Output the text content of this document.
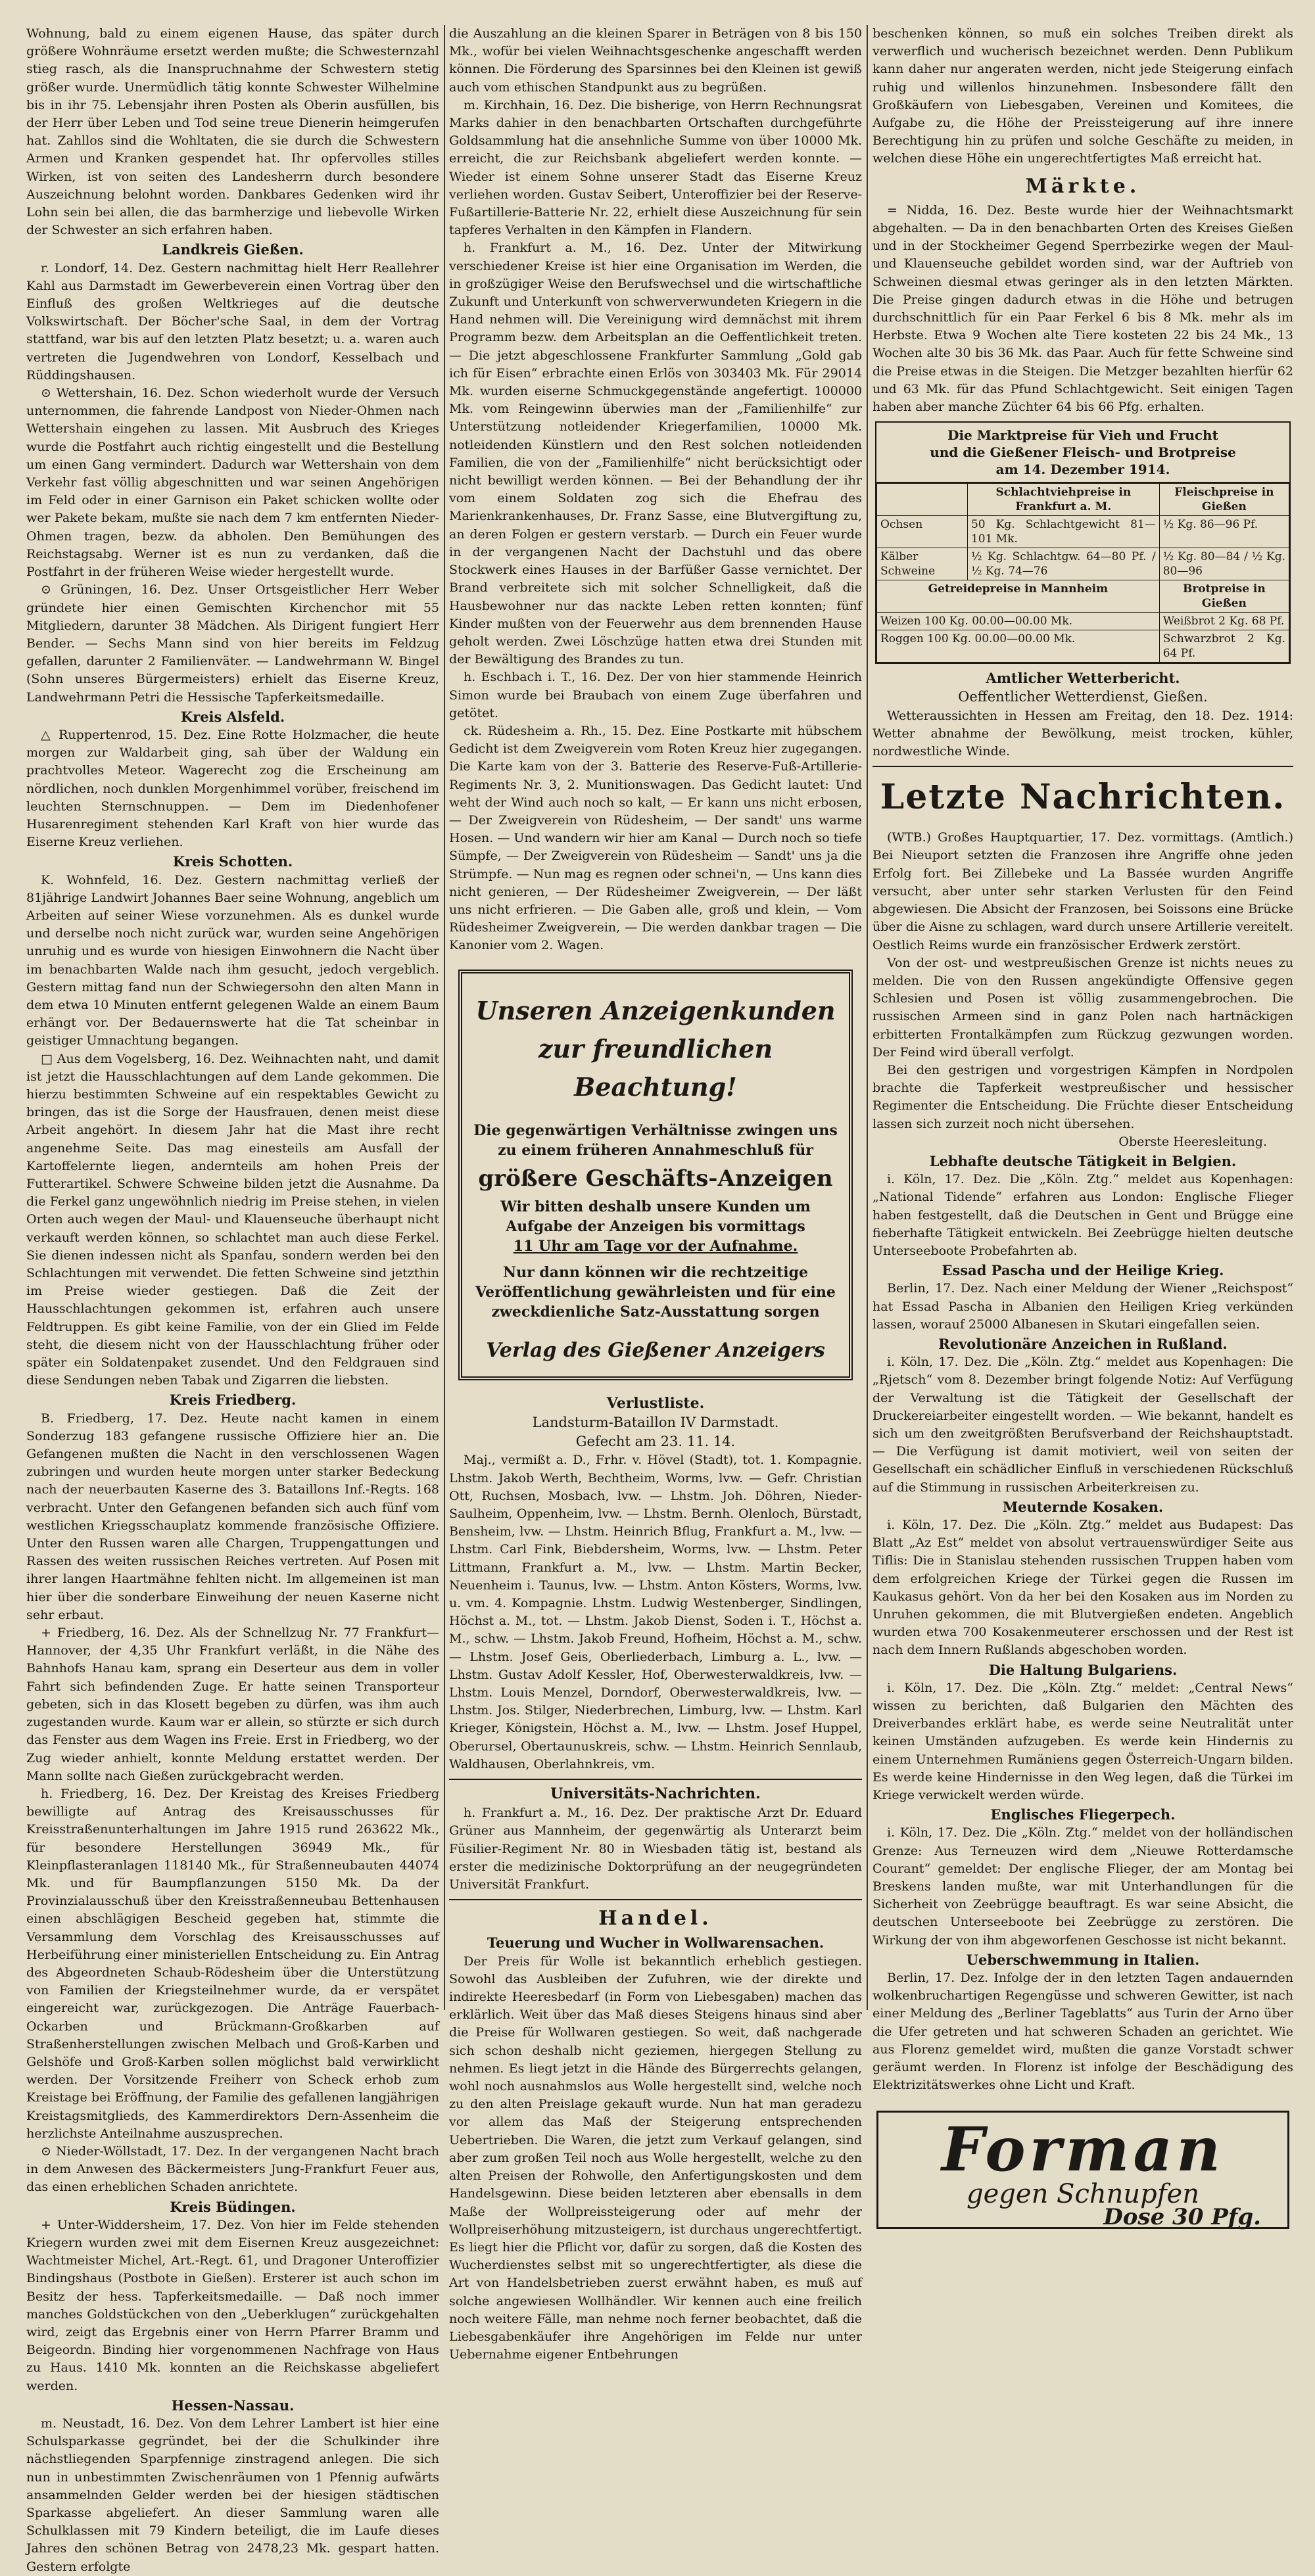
Wohnung, bald zu einem eigenen Hause, das später durch größere Wohnräume ersetzt werden mußte; die Schwesternzahl stieg rasch, als die Inanspruchnahme der Schwestern stetig größer wurde. Unermüdlich tätig konnte Schwester Wilhelmine bis in ihr 75. Lebensjahr ihren Posten als Oberin ausfüllen, bis der Herr über Leben und Tod seine treue Dienerin heimgerufen hat. Zahllos sind die Wohltaten, die sie durch die Schwestern Armen und Kranken gespendet hat. Ihr opfervolles stilles Wirken, ist von seiten des Landesherrn durch besondere Auszeichnung belohnt worden. Dankbares Gedenken wird ihr Lohn sein bei allen, die das barmherzige und liebevolle Wirken der Schwester an sich erfahren haben.

Landkreis Gießen.

r. Londorf, 14. Dez. Gestern nachmittag hielt Herr Reallehrer Kahl aus Darmstadt im Gewerbeverein einen Vortrag über den Einfluß des großen Weltkrieges auf die deutsche Volkswirtschaft. Der Böcher'sche Saal, in dem der Vortrag stattfand, war bis auf den letzten Platz besetzt; u. a. waren auch vertreten die Jugendwehren von Londorf, Kesselbach und Rüddingshausen.

⊙ Wettershain, 16. Dez. Schon wiederholt wurde der Versuch unternommen, die fahrende Landpost von Nieder-Ohmen nach Wettershain eingehen zu lassen. Mit Ausbruch des Krieges wurde die Postfahrt auch richtig eingestellt und die Bestellung um einen Gang vermindert. Dadurch war Wettershain von dem Verkehr fast völlig abgeschnitten und war seinen Angehörigen im Feld oder in einer Garnison ein Paket schicken wollte oder wer Pakete bekam, mußte sie nach dem 7 km entfernten Nieder-Ohmen tragen, bezw. da abholen. Den Bemühungen des Reichstagsabg. Werner ist es nun zu verdanken, daß die Postfahrt in der früheren Weise wieder hergestellt wurde.

⊙ Grüningen, 16. Dez. Unser Ortsgeistlicher Herr Weber gründete hier einen Gemischten Kirchenchor mit 55 Mitgliedern, darunter 38 Mädchen. Als Dirigent fungiert Herr Bender. — Sechs Mann sind von hier bereits im Feldzug gefallen, darunter 2 Familienväter. — Landwehrmann W. Bingel (Sohn unseres Bürgermeisters) erhielt das Eiserne Kreuz, Landwehrmann Petri die Hessische Tapferkeitsmedaille.

Kreis Alsfeld.

△ Ruppertenrod, 15. Dez. Eine Rotte Holzmacher, die heute morgen zur Waldarbeit ging, sah über der Waldung ein prachtvolles Meteor. Wagerecht zog die Erscheinung am nördlichen, noch dunklen Morgenhimmel vorüber, freischend im leuchten Sternschnuppen. — Dem im Diedenhofener Husarenregiment stehenden Karl Kraft von hier wurde das Eiserne Kreuz verliehen.

Kreis Schotten.

K. Wohnfeld, 16. Dez. Gestern nachmittag verließ der 81jährige Landwirt Johannes Baer seine Wohnung, angeblich um Arbeiten auf seiner Wiese vorzunehmen. Als es dunkel wurde und derselbe noch nicht zurück war, wurden seine Angehörigen unruhig und es wurde von hiesigen Einwohnern die Nacht über im benachbarten Walde nach ihm gesucht, jedoch vergeblich. Gestern mittag fand nun der Schwiegersohn den alten Mann in dem etwa 10 Minuten entfernt gelegenen Walde an einem Baum erhängt vor. Der Bedauernswerte hat die Tat scheinbar in geistiger Umnachtung begangen.

□ Aus dem Vogelsberg, 16. Dez. Weihnachten naht, und damit ist jetzt die Hausschlachtungen auf dem Lande gekommen. Die hierzu bestimmten Schweine auf ein respektables Gewicht zu bringen, das ist die Sorge der Hausfrauen, denen meist diese Arbeit angehört. In diesem Jahr hat die Mast ihre recht angenehme Seite. Das mag einesteils am Ausfall der Kartoffelernte liegen, andernteils am hohen Preis der Futterartikel. Schwere Schweine bilden jetzt die Ausnahme. Da die Ferkel ganz ungewöhnlich niedrig im Preise stehen, in vielen Orten auch wegen der Maul- und Klauenseuche überhaupt nicht verkauft werden können, so schlachtet man auch diese Ferkel. Sie dienen indessen nicht als Spanfau, sondern werden bei den Schlachtungen mit verwendet. Die fetten Schweine sind jetzthin im Preise wieder gestiegen. Daß die Zeit der Hausschlachtungen gekommen ist, erfahren auch unsere Feldtruppen. Es gibt keine Familie, von der ein Glied im Felde steht, die diesem nicht von der Hausschlachtung früher oder später ein Soldatenpaket zusendet. Und den Feldgrauen sind diese Sendungen neben Tabak und Zigarren die liebsten.

Kreis Friedberg.

B. Friedberg, 17. Dez. Heute nacht kamen in einem Sonderzug 183 gefangene russische Offiziere hier an. Die Gefangenen mußten die Nacht in den verschlossenen Wagen zubringen und wurden heute morgen unter starker Bedeckung nach der neuerbauten Kaserne des 3. Bataillons Inf.-Regts. 168 verbracht. Unter den Gefangenen befanden sich auch fünf vom westlichen Kriegsschauplatz kommende französische Offiziere. Unter den Russen waren alle Chargen, Truppengattungen und Rassen des weiten russischen Reiches vertreten. Auf Posen mit ihrer langen Haartmähne fehlten nicht. Im allgemeinen ist man hier über die sonderbare Einweihung der neuen Kaserne nicht sehr erbaut.

+ Friedberg, 16. Dez. Als der Schnellzug Nr. 77 Frankfurt—Hannover, der 4,35 Uhr Frankfurt verläßt, in die Nähe des Bahnhofs Hanau kam, sprang ein Deserteur aus dem in voller Fahrt sich befindenden Zuge. Er hatte seinen Transporteur gebeten, sich in das Klosett begeben zu dürfen, was ihm auch zugestanden wurde. Kaum war er allein, so stürzte er sich durch das Fenster aus dem Wagen ins Freie. Erst in Friedberg, wo der Zug wieder anhielt, konnte Meldung erstattet werden. Der Mann sollte nach Gießen zurückgebracht werden.

h. Friedberg, 16. Dez. Der Kreistag des Kreises Friedberg bewilligte auf Antrag des Kreisausschusses für Kreisstraßenunterhaltungen im Jahre 1915 rund 263622 Mk., für besondere Herstellungen 36949 Mk., für Kleinpflasteranlagen 118140 Mk., für Straßenneubauten 44074 Mk. und für Baumpflanzungen 5150 Mk. Da der Provinzialausschuß über den Kreisstraßenneubau Bettenhausen einen abschlägigen Bescheid gegeben hat, stimmte die Versammlung dem Vorschlag des Kreisausschusses auf Herbeiführung einer ministeriellen Entscheidung zu. Ein Antrag des Abgeordneten Schaub-Rödesheim über die Unterstützung von Familien der Kriegsteilnehmer wurde, da er verspätet eingereicht war, zurückgezogen. Die Anträge Fauerbach-Ockarben und Brückmann-Großkarben auf Straßenherstellungen zwischen Melbach und Groß-Karben und Gelshöfe und Groß-Karben sollen möglichst bald verwirklicht werden. Der Vorsitzende Freiherr von Scheck erhob zum Kreistage bei Eröffnung, der Familie des gefallenen langjährigen Kreistagsmitglieds, des Kammerdirektors Dern-Assenheim die herzlichste Anteilnahme auszusprechen.

⊙ Nieder-Wöllstadt, 17. Dez. In der vergangenen Nacht brach in dem Anwesen des Bäckermeisters Jung-Frankfurt Feuer aus, das einen erheblichen Schaden anrichtete.

Kreis Büdingen.

+ Unter-Widdersheim, 17. Dez. Von hier im Felde stehenden Kriegern wurden zwei mit dem Eisernen Kreuz ausgezeichnet: Wachtmeister Michel, Art.-Regt. 61, und Dragoner Unteroffizier Bindingshaus (Postbote in Gießen). Ersterer ist auch schon im Besitz der hess. Tapferkeitsmedaille. — Daß noch immer manches Goldstückchen von den „Ueberklugen“ zurückgehalten wird, zeigt das Ergebnis einer von Herrn Pfarrer Bramm und Beigeordn. Binding hier vorgenommenen Nachfrage von Haus zu Haus. 1410 Mk. konnten an die Reichskasse abgeliefert werden.

Hessen-Nassau.

m. Neustadt, 16. Dez. Von dem Lehrer Lambert ist hier eine Schulsparkasse gegründet, bei der die Schulkinder ihre nächstliegenden Sparpfennige zinstragend anlegen. Die sich nun in unbestimmten Zwischenräumen von 1 Pfennig aufwärts ansammelnden Gelder werden bei der hiesigen städtischen Sparkasse abgeliefert. An dieser Sammlung waren alle Schulklassen mit 79 Kindern beteiligt, die im Laufe dieses Jahres den schönen Betrag von 2478,23 Mk. gespart hatten. Gestern erfolgte

die Auszahlung an die kleinen Sparer in Beträgen von 8 bis 150 Mk., wofür bei vielen Weihnachtsgeschenke angeschafft werden können. Die Förderung des Sparsinnes bei den Kleinen ist gewiß auch vom ethischen Standpunkt aus zu begrüßen.

m. Kirchhain, 16. Dez. Die bisherige, von Herrn Rechnungsrat Marks dahier in den benachbarten Ortschaften durchgeführte Goldsammlung hat die ansehnliche Summe von über 10000 Mk. erreicht, die zur Reichsbank abgeliefert werden konnte. — Wieder ist einem Sohne unserer Stadt das Eiserne Kreuz verliehen worden. Gustav Seibert, Unteroffizier bei der Reserve-Fußartillerie-Batterie Nr. 22, erhielt diese Auszeichnung für sein tapferes Verhalten in den Kämpfen in Flandern.

h. Frankfurt a. M., 16. Dez. Unter der Mitwirkung verschiedener Kreise ist hier eine Organisation im Werden, die in großzügiger Weise den Berufswechsel und die wirtschaftliche Zukunft und Unterkunft von schwerverwundeten Kriegern in die Hand nehmen will. Die Vereinigung wird demnächst mit ihrem Programm bezw. dem Arbeitsplan an die Oeffentlichkeit treten. — Die jetzt abgeschlossene Frankfurter Sammlung „Gold gab ich für Eisen“ erbrachte einen Erlös von 303403 Mk. Für 29014 Mk. wurden eiserne Schmuckgegenstände angefertigt. 100000 Mk. vom Reingewinn überwies man der „Familienhilfe“ zur Unterstützung notleidender Kriegerfamilien, 10000 Mk. notleidenden Künstlern und den Rest solchen notleidenden Familien, die von der „Familienhilfe“ nicht berücksichtigt oder nicht bewilligt werden können. — Bei der Behandlung der ihr vom einem Soldaten zog sich die Ehefrau des Marienkrankenhauses, Dr. Franz Sasse, eine Blutvergiftung zu, an deren Folgen er gestern verstarb. — Durch ein Feuer wurde in der vergangenen Nacht der Dachstuhl und das obere Stockwerk eines Hauses in der Barfüßer Gasse vernichtet. Der Brand verbreitete sich mit solcher Schnelligkeit, daß die Hausbewohner nur das nackte Leben retten konnten; fünf Kinder mußten von der Feuerwehr aus dem brennenden Hause geholt werden. Zwei Löschzüge hatten etwa drei Stunden mit der Bewältigung des Brandes zu tun.

h. Eschbach i. T., 16. Dez. Der von hier stammende Heinrich Simon wurde bei Braubach von einem Zuge überfahren und getötet.

ck. Rüdesheim a. Rh., 15. Dez. Eine Postkarte mit hübschem Gedicht ist dem Zweigverein vom Roten Kreuz hier zugegangen. Die Karte kam von der 3. Batterie des Reserve-Fuß-Artillerie-Regiments Nr. 3, 2. Munitionswagen. Das Gedicht lautet: Und weht der Wind auch noch so kalt, — Er kann uns nicht erbosen, — Der Zweigverein von Rüdesheim, — Der sandt' uns warme Hosen. — Und wandern wir hier am Kanal — Durch noch so tiefe Sümpfe, — Der Zweigverein von Rüdesheim — Sandt' uns ja die Strümpfe. — Nun mag es regnen oder schnei'n, — Uns kann dies nicht genieren, — Der Rüdesheimer Zweigverein, — Der läßt uns nicht erfrieren. — Die Gaben alle, groß und klein, — Vom Rüdesheimer Zweigverein, — Die werden dankbar tragen — Die Kanonier vom 2. Wagen.

Unseren Anzeigenkunden
zur freundlichen Beachtung!
Die gegenwärtigen Verhältnisse zwingen uns zu einem früheren Annahmeschluß für
größere Geschäfts-Anzeigen
Wir bitten deshalb unsere Kunden um Aufgabe der Anzeigen bis vormittags
11 Uhr am Tage vor der Aufnahme.
Nur dann können wir die rechtzeitige Veröffentlichung gewährleisten und für eine zweckdienliche Satz-Ausstattung sorgen
Verlag des Gießener Anzeigers
Verlustliste.
Landsturm-Bataillon IV Darmstadt.
Gefecht am 23. 11. 14.

Maj., vermißt a. D., Frhr. v. Hövel (Stadt), tot. 1. Kompagnie. Lhstm. Jakob Werth, Bechtheim, Worms, lvw. — Gefr. Christian Ott, Ruchsen, Mosbach, lvw. — Lhstm. Joh. Döhren, Nieder-Saulheim, Oppenheim, lvw. — Lhstm. Bernh. Olenloch, Bürstadt, Bensheim, lvw. — Lhstm. Heinrich Bflug, Frankfurt a. M., lvw. — Lhstm. Carl Fink, Biebdersheim, Worms, lvw. — Lhstm. Peter Littmann, Frankfurt a. M., lvw. — Lhstm. Martin Becker, Neuenheim i. Taunus, lvw. — Lhstm. Anton Kösters, Worms, lvw. u. vm. 4. Kompagnie. Lhstm. Ludwig Westenberger, Sindlingen, Höchst a. M., tot. — Lhstm. Jakob Dienst, Soden i. T., Höchst a. M., schw. — Lhstm. Jakob Freund, Hofheim, Höchst a. M., schw. — Lhstm. Josef Geis, Oberliederbach, Limburg a. L., lvw. — Lhstm. Gustav Adolf Kessler, Hof, Oberwesterwaldkreis, lvw. — Lhstm. Louis Menzel, Dorndorf, Oberwesterwaldkreis, lvw. — Lhstm. Jos. Stilger, Niederbrechen, Limburg, lvw. — Lhstm. Karl Krieger, Königstein, Höchst a. M., lvw. — Lhstm. Josef Huppel, Oberursel, Obertaunuskreis, schw. — Lhstm. Heinrich Sennlaub, Waldhausen, Oberlahnkreis, vm.

Universitäts-Nachrichten.

h. Frankfurt a. M., 16. Dez. Der praktische Arzt Dr. Eduard Grüner aus Mannheim, der gegenwärtig als Unterarzt beim Füsilier-Regiment Nr. 80 in Wiesbaden tätig ist, bestand als erster die medizinische Doktorprüfung an der neugegründeten Universität Frankfurt.

Handel.
Teuerung und Wucher in Wollwarensachen.

Der Preis für Wolle ist bekanntlich erheblich gestiegen. Sowohl das Ausbleiben der Zufuhren, wie der direkte und indirekte Heeresbedarf (in Form von Liebesgaben) machen das erklärlich. Weit über das Maß dieses Steigens hinaus sind aber die Preise für Wollwaren gestiegen. So weit, daß nachgerade sich schon deshalb nicht geziemen, hiergegen Stellung zu nehmen. Es liegt jetzt in die Hände des Bürgerrechts gelangen, wohl noch ausnahmslos aus Wolle hergestellt sind, welche noch zu den alten Preislage gekauft wurde. Nun hat man geradezu vor allem das Maß der Steigerung entsprechenden Uebertrieben. Die Waren, die jetzt zum Verkauf gelangen, sind aber zum großen Teil noch aus Wolle hergestellt, welche zu den alten Preisen der Rohwolle, den Anfertigungskosten und dem Handelsgewinn. Diese beiden letzteren aber ebensalls in dem Maße der Wollpreissteigerung oder auf mehr der Wollpreiserhöhung mitzusteigern, ist durchaus ungerechtfertigt. Es liegt hier die Pflicht vor, dafür zu sorgen, daß die Kosten des Wucherdienstes selbst mit so ungerechtfertigter, als diese die Art von Handelsbetrieben zuerst erwähnt haben, es muß auf solche angewiesen Wollhändler. Wir kennen auch eine freilich noch weitere Fälle, man nehme noch ferner beobachtet, daß die Liebesgabenkäufer ihre Angehörigen im Felde nur unter Uebernahme eigener Entbehrungen

beschenken können, so muß ein solches Treiben direkt als verwerflich und wucherisch bezeichnet werden. Denn Publikum kann daher nur angeraten werden, nicht jede Steigerung einfach ruhig und willenlos hinzunehmen. Insbesondere fällt den Großkäufern von Liebesgaben, Vereinen und Komitees, die Aufgabe zu, die Höhe der Preissteigerung auf ihre innere Berechtigung hin zu prüfen und solche Geschäfte zu meiden, in welchen diese Höhe ein ungerechtfertigtes Maß erreicht hat.

Märkte.

= Nidda, 16. Dez. Beste wurde hier der Weihnachtsmarkt abgehalten. — Da in den benachbarten Orten des Kreises Gießen und in der Stockheimer Gegend Sperrbezirke wegen der Maul- und Klauenseuche gebildet worden sind, war der Auftrieb von Schweinen diesmal etwas geringer als in den letzten Märkten. Die Preise gingen dadurch etwas in die Höhe und betrugen durchschnittlich für ein Paar Ferkel 6 bis 8 Mk. mehr als im Herbste. Etwa 9 Wochen alte Tiere kosteten 22 bis 24 Mk., 13 Wochen alte 30 bis 36 Mk. das Paar. Auch für fette Schweine sind die Preise etwas in die Steigen. Die Metzger bezahlten hierfür 62 und 63 Mk. für das Pfund Schlachtgewicht. Seit einigen Tagen haben aber manche Züchter 64 bis 66 Pfg. erhalten.

Die Marktpreise für Vieh und Frucht
und die Gießener Fleisch- und Brotpreise
am 14. Dezember 1914.
	Schlachtviehpreise in Frankfurt a. M.	Fleischpreise in Gießen
Ochsen	50 Kg. Schlachtgewicht 81—101 Mk.	½ Kg. 86—96 Pf.
Kälber Schweine	½ Kg. Schlachtgw. 64—80 Pf. / ½ Kg. 74—76	½ Kg. 80—84 / ½ Kg. 80—96
Getreidepreise in Mannheim		Brotpreise in Gießen
Weizen 100 Kg. 00.00—00.00 Mk.		Weißbrot 2 Kg. 68 Pf.
Roggen 100 Kg. 00.00—00.00 Mk.		Schwarzbrot 2 Kg. 64 Pf.
Amtlicher Wetterbericht.
Oeffentlicher Wetterdienst, Gießen.

Wetteraussichten in Hessen am Freitag, den 18. Dez. 1914: Wetter abnahme der Bewölkung, meist trocken, kühler, nordwestliche Winde.

Letzte Nachrichten.

(WTB.) Großes Hauptquartier, 17. Dez. vormittags. (Amtlich.) Bei Nieuport setzten die Franzosen ihre Angriffe ohne jeden Erfolg fort. Bei Zillebeke und La Bassée wurden Angriffe versucht, aber unter sehr starken Verlusten für den Feind abgewiesen. Die Absicht der Franzosen, bei Soissons eine Brücke über die Aisne zu schlagen, ward durch unsere Artillerie vereitelt. Oestlich Reims wurde ein französischer Erdwerk zerstört.

Von der ost- und westpreußischen Grenze ist nichts neues zu melden. Die von den Russen angekündigte Offensive gegen Schlesien und Posen ist völlig zusammengebrochen. Die russischen Armeen sind in ganz Polen nach hartnäckigen erbitterten Frontalkämpfen zum Rückzug gezwungen worden. Der Feind wird überall verfolgt.

Bei den gestrigen und vorgestrigen Kämpfen in Nordpolen brachte die Tapferkeit westpreußischer und hessischer Regimenter die Entscheidung. Die Früchte dieser Entscheidung lassen sich zurzeit noch nicht übersehen.

Oberste Heeresleitung.
Lebhafte deutsche Tätigkeit in Belgien.

i. Köln, 17. Dez. Die „Köln. Ztg.“ meldet aus Kopenhagen: „National Tidende“ erfahren aus London: Englische Flieger haben festgestellt, daß die Deutschen in Gent und Brügge eine fieberhafte Tätigkeit entwickeln. Bei Zeebrügge hielten deutsche Unterseeboote Probefahrten ab.

Essad Pascha und der Heilige Krieg.

Berlin, 17. Dez. Nach einer Meldung der Wiener „Reichspost“ hat Essad Pascha in Albanien den Heiligen Krieg verkünden lassen, worauf 25000 Albanesen in Skutari eingefallen seien.

Revolutionäre Anzeichen in Rußland.

i. Köln, 17. Dez. Die „Köln. Ztg.“ meldet aus Kopenhagen: Die „Rjetsch“ vom 8. Dezember bringt folgende Notiz: Auf Verfügung der Verwaltung ist die Tätigkeit der Gesellschaft der Druckereiarbeiter eingestellt worden. — Wie bekannt, handelt es sich um den zweitgrößten Berufsverband der Reichshauptstadt. — Die Verfügung ist damit motiviert, weil von seiten der Gesellschaft ein schädlicher Einfluß in verschiedenen Rückschluß auf die Stimmung in russischen Arbeiterkreisen zu.

Meuternde Kosaken.

i. Köln, 17. Dez. Die „Köln. Ztg.“ meldet aus Budapest: Das Blatt „Az Est“ meldet von absolut vertrauenswürdiger Seite aus Tiflis: Die in Stanislau stehenden russischen Truppen haben vom dem erfolgreichen Kriege der Türkei gegen die Russen im Kaukasus gehört. Von da her bei den Kosaken aus im Norden zu Unruhen gekommen, die mit Blutvergießen endeten. Angeblich wurden etwa 700 Kosakenmeuterer erschossen und der Rest ist nach dem Innern Rußlands abgeschoben worden.

Die Haltung Bulgariens.

i. Köln, 17. Dez. Die „Köln. Ztg.“ meldet: „Central News“ wissen zu berichten, daß Bulgarien den Mächten des Dreiverbandes erklärt habe, es werde seine Neutralität unter keinen Umständen aufzugeben. Es werde kein Hindernis zu einem Unternehmen Rumäniens gegen Österreich-Ungarn bilden. Es werde keine Hindernisse in den Weg legen, daß die Türkei im Kriege verwickelt werden würde.

Englisches Fliegerpech.

i. Köln, 17. Dez. Die „Köln. Ztg.“ meldet von der holländischen Grenze: Aus Terneuzen wird dem „Nieuwe Rotterdamsche Courant“ gemeldet: Der englische Flieger, der am Montag bei Breskens landen mußte, war mit Unterhandlungen für die Sicherheit von Zeebrügge beauftragt. Es war seine Absicht, die deutschen Unterseeboote bei Zeebrügge zu zerstören. Die Wirkung der von ihm abgeworfenen Geschosse ist nicht bekannt.

Ueberschwemmung in Italien.

Berlin, 17. Dez. Infolge der in den letzten Tagen andauernden wolkenbruchartigen Regengüsse und schweren Gewitter, ist nach einer Meldung des „Berliner Tageblatts“ aus Turin der Arno über die Ufer getreten und hat schweren Schaden an gerichtet. Wie aus Florenz gemeldet wird, mußten die ganze Vorstadt schwer geräumt werden. In Florenz ist infolge der Beschädigung des Elektrizitätswerkes ohne Licht und Kraft.

Forman
gegen Schnupfen
Dose 30 Pfg.
